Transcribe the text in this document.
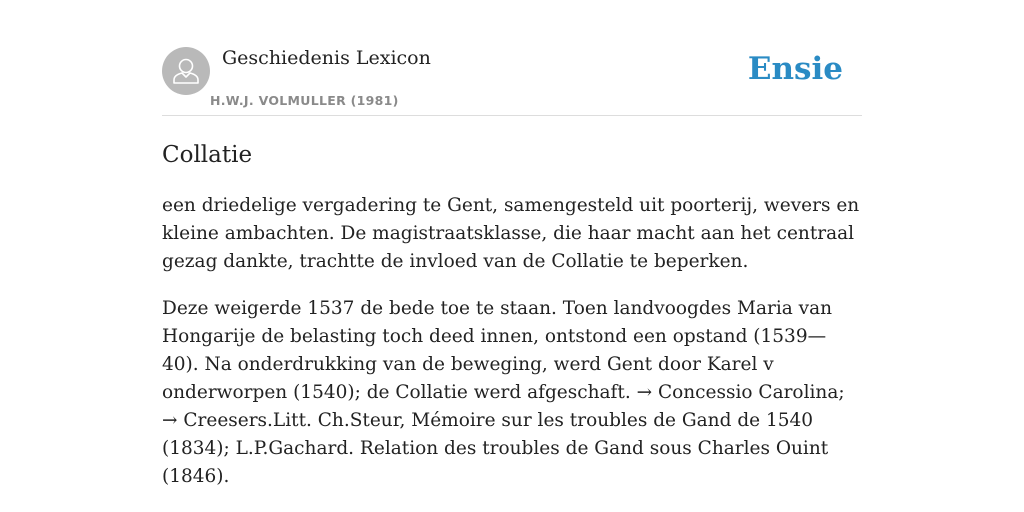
Geschiedenis Lexicon
H.W.J. VOLMULLER (1981)
Ensie
Collatie

een driedelige vergadering te Gent, samengesteld uit poorterij, wevers en kleine ambachten. De magistraatsklasse, die haar macht aan het centraal gezag dankte, trachtte de invloed van de Collatie te beperken.

Deze weigerde 1537 de bede toe te staan. Toen landvoogdes Maria van Hongarije de belasting toch deed innen, ontstond een opstand (1539—40). Na onderdrukking van de beweging, werd Gent door Karel v onderworpen (1540); de Collatie werd afgeschaft. → Concessio Carolina; → Creesers.Litt. Ch.Steur, Mémoire sur les troubles de Gand de 1540 (1834); L.P.Gachard. Relation des troubles de Gand sous Charles Ouint (1846).
